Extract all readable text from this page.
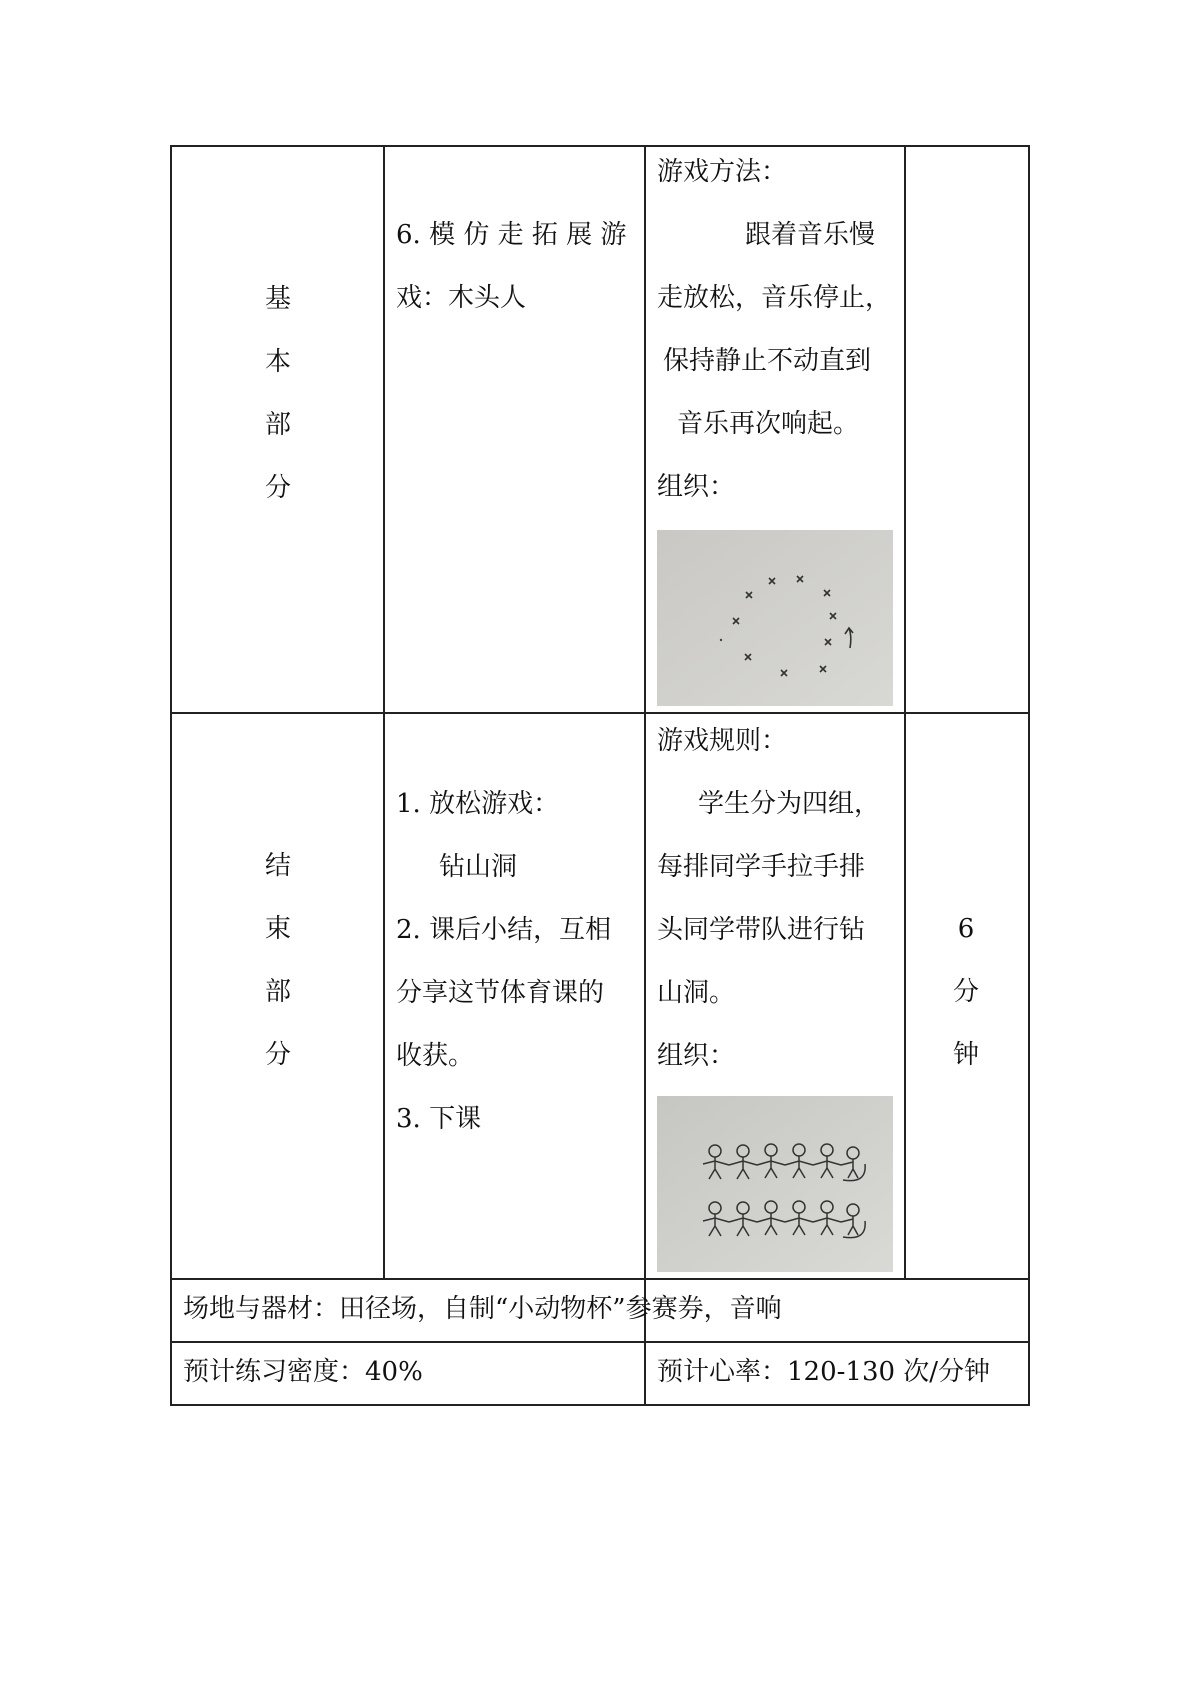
基
本
部
分
6. 模 仿 走 拓 展 游
戏：木头人
游戏方法：
跟着音乐慢
走放松，音乐停止，
保持静止不动直到
音乐再次响起。
组织：
结
束
部
分
1. 放松游戏：
钻山洞
2. 课后小结，互相
分享这节体育课的
收获。
3. 下课
游戏规则：
学生分为四组，
每排同学手拉手排
头同学带队进行钻
山洞。
组织：
6
分
钟
场地与器材：田径场，自制“小动物杯”参赛券，音响
预计练习密度：40%	预计心率：120-130 次/分钟
